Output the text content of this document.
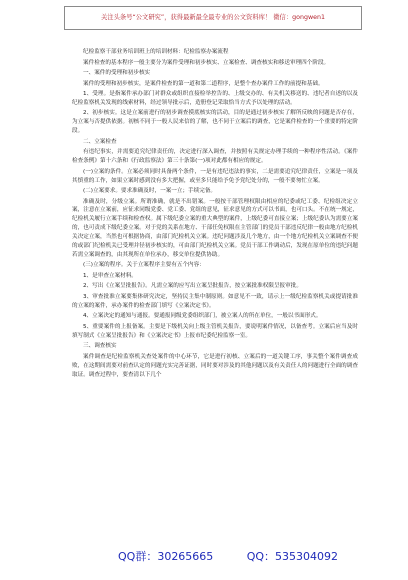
关注头条号“公文研究”，获得最新最全最专业的公文资料库！ 微信：gongwen1

纪检监察干部业务培训班上的培训材料：纪检监察办案流程

案件检查的基本程序一般主要分为案件受理和初步核实、立案检查、调查核实和移送审理四个阶段。

一、案件的受理和初步核实

案件的受理和初步核实，是案件检查的第一道和第二道程序，是整个查办案件工作的前提和基础。

1、受理。是指案件承办部门对群众或组织直接检举控告的、上级交办的、有关机关移送的、违纪者自述的以及纪检监察机关发现的线索材料，经过领导批示后，造册登记采取恰当方式予以处理的活动。

2、初步核实。这是立案前进行的初步调查摸底核实的活动，目的是通过初步核实了解所反映的问题是否存在，为立案与否提供依据。初核不同于一般人民来信的了解，也不同于立案后的调查，它是案件检查的一个重要的特定阶段。

二、立案检查

有违纪事实，并需要追究纪律责任的，决定进行深入调查，并按照有关规定办理手续的一种程序性活动。《案件检查条例》第十六条和《行政监察法》第三十条第(一)项对此都有相应的规定。

(一)立案的条件。立案必须同时具备两个条件，一是有违纪违法的事实，二是需要追究纪律责任，立案是一项及其慎重的工作，如果立案时感到没有多大把握，或至多只能给予免予党纪处分的，一般不要匆忙立案。

(二)立案要求。要求准确及时，一案一立；手续完备。

准确及时，分级立案。所谓准确，就是不出错案。一般按干部管理权限由相应的纪委或纪工委、纪检组决定立案，注意在立案前，应征求同级党委、党工委、党组的意见，征求意见的方式可以书面，也可口头。不在统一规定，纪检机关履行立案手续和检查权。属下级纪委立案的重大典型的案件，上级纪委可直接立案；上级纪委认为需要立案的，也可责成下级纪委立案。对于党的关系在地方、干部任免权限在主管部门的党员干部违反纪律一般由地方纪检机关决定立案，当然也可根据协商，由部门纪检机关立案。违纪问题涉及几个地方，由一个地方纪检机关立案调查不便的或部门纪检机关已受理并径初步核实的，可由部门纪检机关立案。党员干部工作调动后，发现在原单位的违纪问题若需立案调查的，由其现所在单位承办，移交单位提供协助。

(三)立案的程序。关于立案程序主要有五个内容：

1、是审查立案材料。

2、写出《立案呈批报告》。凡需立案的应写出立案呈批报告，按立案批准权限呈报审批。

3、审查批准立案要集体研究决定，坚持民主集中制原则。如意见不一致，请示上一级纪检监察机关或提请批准的立案的案件，承办案件的检查部门填写《立案决定书》。

4、立案决定的通知与通报。要通报同级党委组织部门，被立案人的所在单位，一般以书面形式。

5、重要案件的上报备案。主要是下级机关向上级主管机关报告，要说明案件情况，以备查考。立案后应当及时填写制式《立案呈批报告》和《立案决定书》上报市纪委纪检监察一室。

三、调查核实

案件调查是纪检监察机关查处案件的中心环节，它是进行初核、立案后的一道关键工序，事关整个案件调查成败，在这期间需要对前查认定的问题充实完善证据，同时要对涉及的其他问题以及有关责任人的问题进行全面的调查取证。调查过程中，要查清以下几个

QQ群：30265665	QQ：535304092
